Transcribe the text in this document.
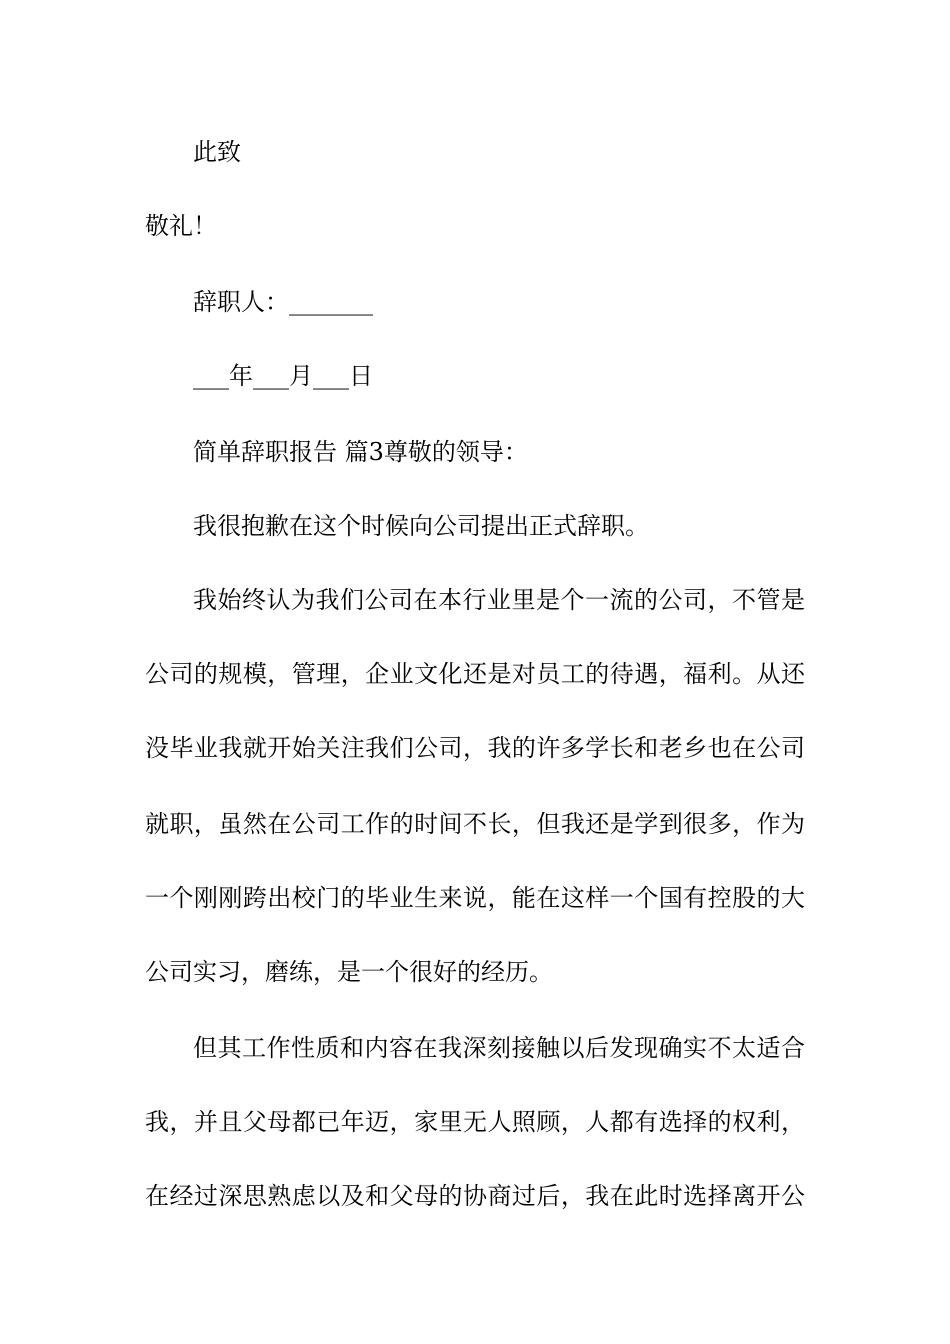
此致
敬礼！
辞职人：_______
___年___月___日
简单辞职报告 篇3尊敬的领导：
我很抱歉在这个时候向公司提出正式辞职。
我始终认为我们公司在本行业里是个一流的公司，不管是
公司的规模，管理，企业文化还是对员工的待遇，福利。从还
没毕业我就开始关注我们公司，我的许多学长和老乡也在公司
就职，虽然在公司工作的时间不长，但我还是学到很多，作为
一个刚刚跨出校门的毕业生来说，能在这样一个国有控股的大
公司实习，磨练，是一个很好的经历。
但其工作性质和内容在我深刻接触以后发现确实不太适合
我，并且父母都已年迈，家里无人照顾，人都有选择的权利，
在经过深思熟虑以及和父母的协商过后，我在此时选择离开公
